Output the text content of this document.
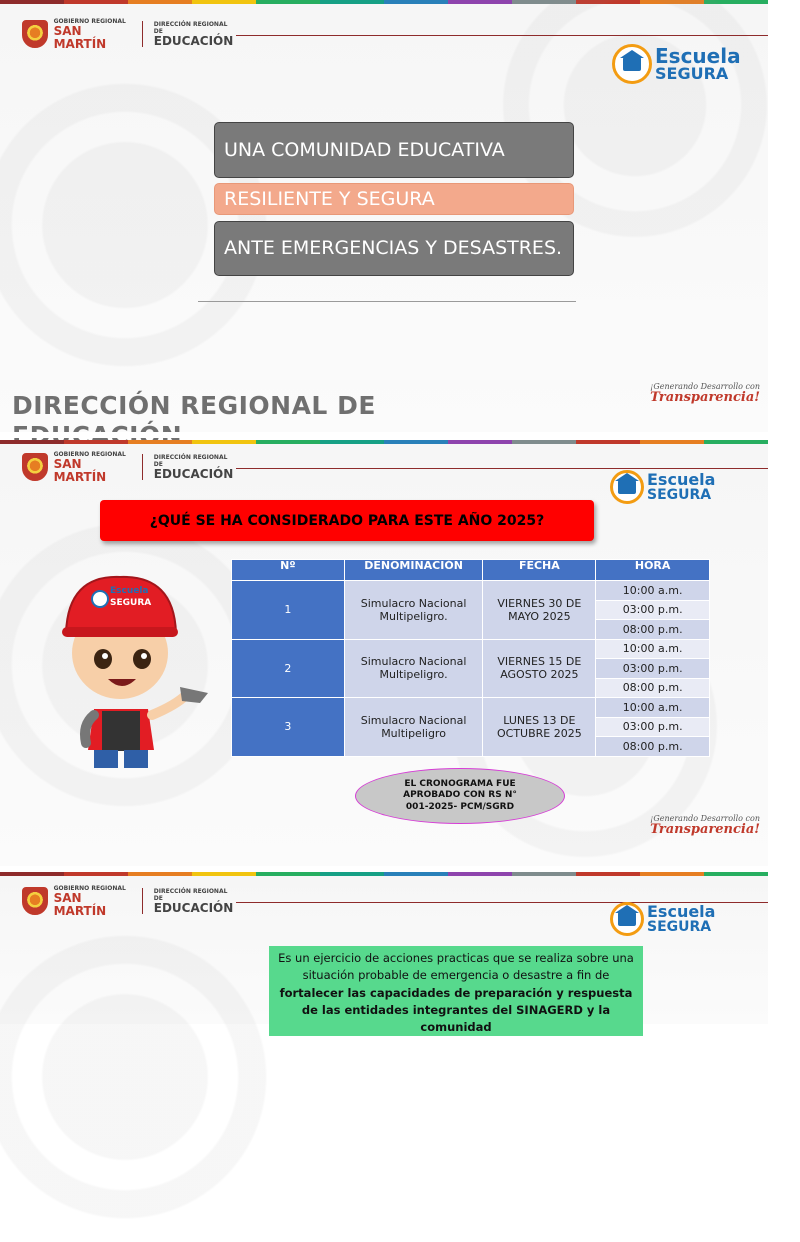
GOBIERNO REGIONAL
SAN MARTÍN
DIRECCIÓN REGIONAL DE
EDUCACIÓN
Escuela
SEGURA
UNA COMUNIDAD EDUCATIVA
RESILIENTE Y SEGURA
ANTE EMERGENCIAS Y DESASTRES.
DIRECCIÓN REGIONAL DE
¡Generando Desarrollo con
Transparencia!
GOBIERNO REGIONAL
SAN MARTÍN
DIRECCIÓN REGIONAL DE
EDUCACIÓN	Escuela
SEGURA
¿QUÉ SE HA CONSIDERADO PARA ESTE AÑO 2025?
Escuela
SEGURA
Nº	DENOMINACIÓN	FECHA	HORA
1	Simulacro Nacional Multipeligro.	VIERNES 30 DE MAYO 2025	10:00 a.m.
			03:00 p.m.
			08:00 p.m.
2	Simulacro Nacional Multipeligro.	VIERNES 15 DE AGOSTO 2025	10:00 a.m.
			03:00 p.m.
			08:00 p.m.
3	Simulacro Nacional Multipeligro	LUNES 13 DE OCTUBRE 2025	10:00 a.m.
			03:00 p.m.
			08:00 p.m.
EL CRONOGRAMA FUE APROBADO CON RS N° 001-2025- PCM/SGRD
¡Generando Desarrollo con
Transparencia!
GOBIERNO REGIONAL
SAN MARTÍN
DIRECCIÓN REGIONAL DE
EDUCACIÓN	Escuela
SEGURA
Es un ejercicio de acciones practicas que se realiza sobre una situación probable de emergencia o desastre a fin de fortalecer las capacidades de preparación y respuesta de las entidades integrantes del SINAGERD y la comunidad
